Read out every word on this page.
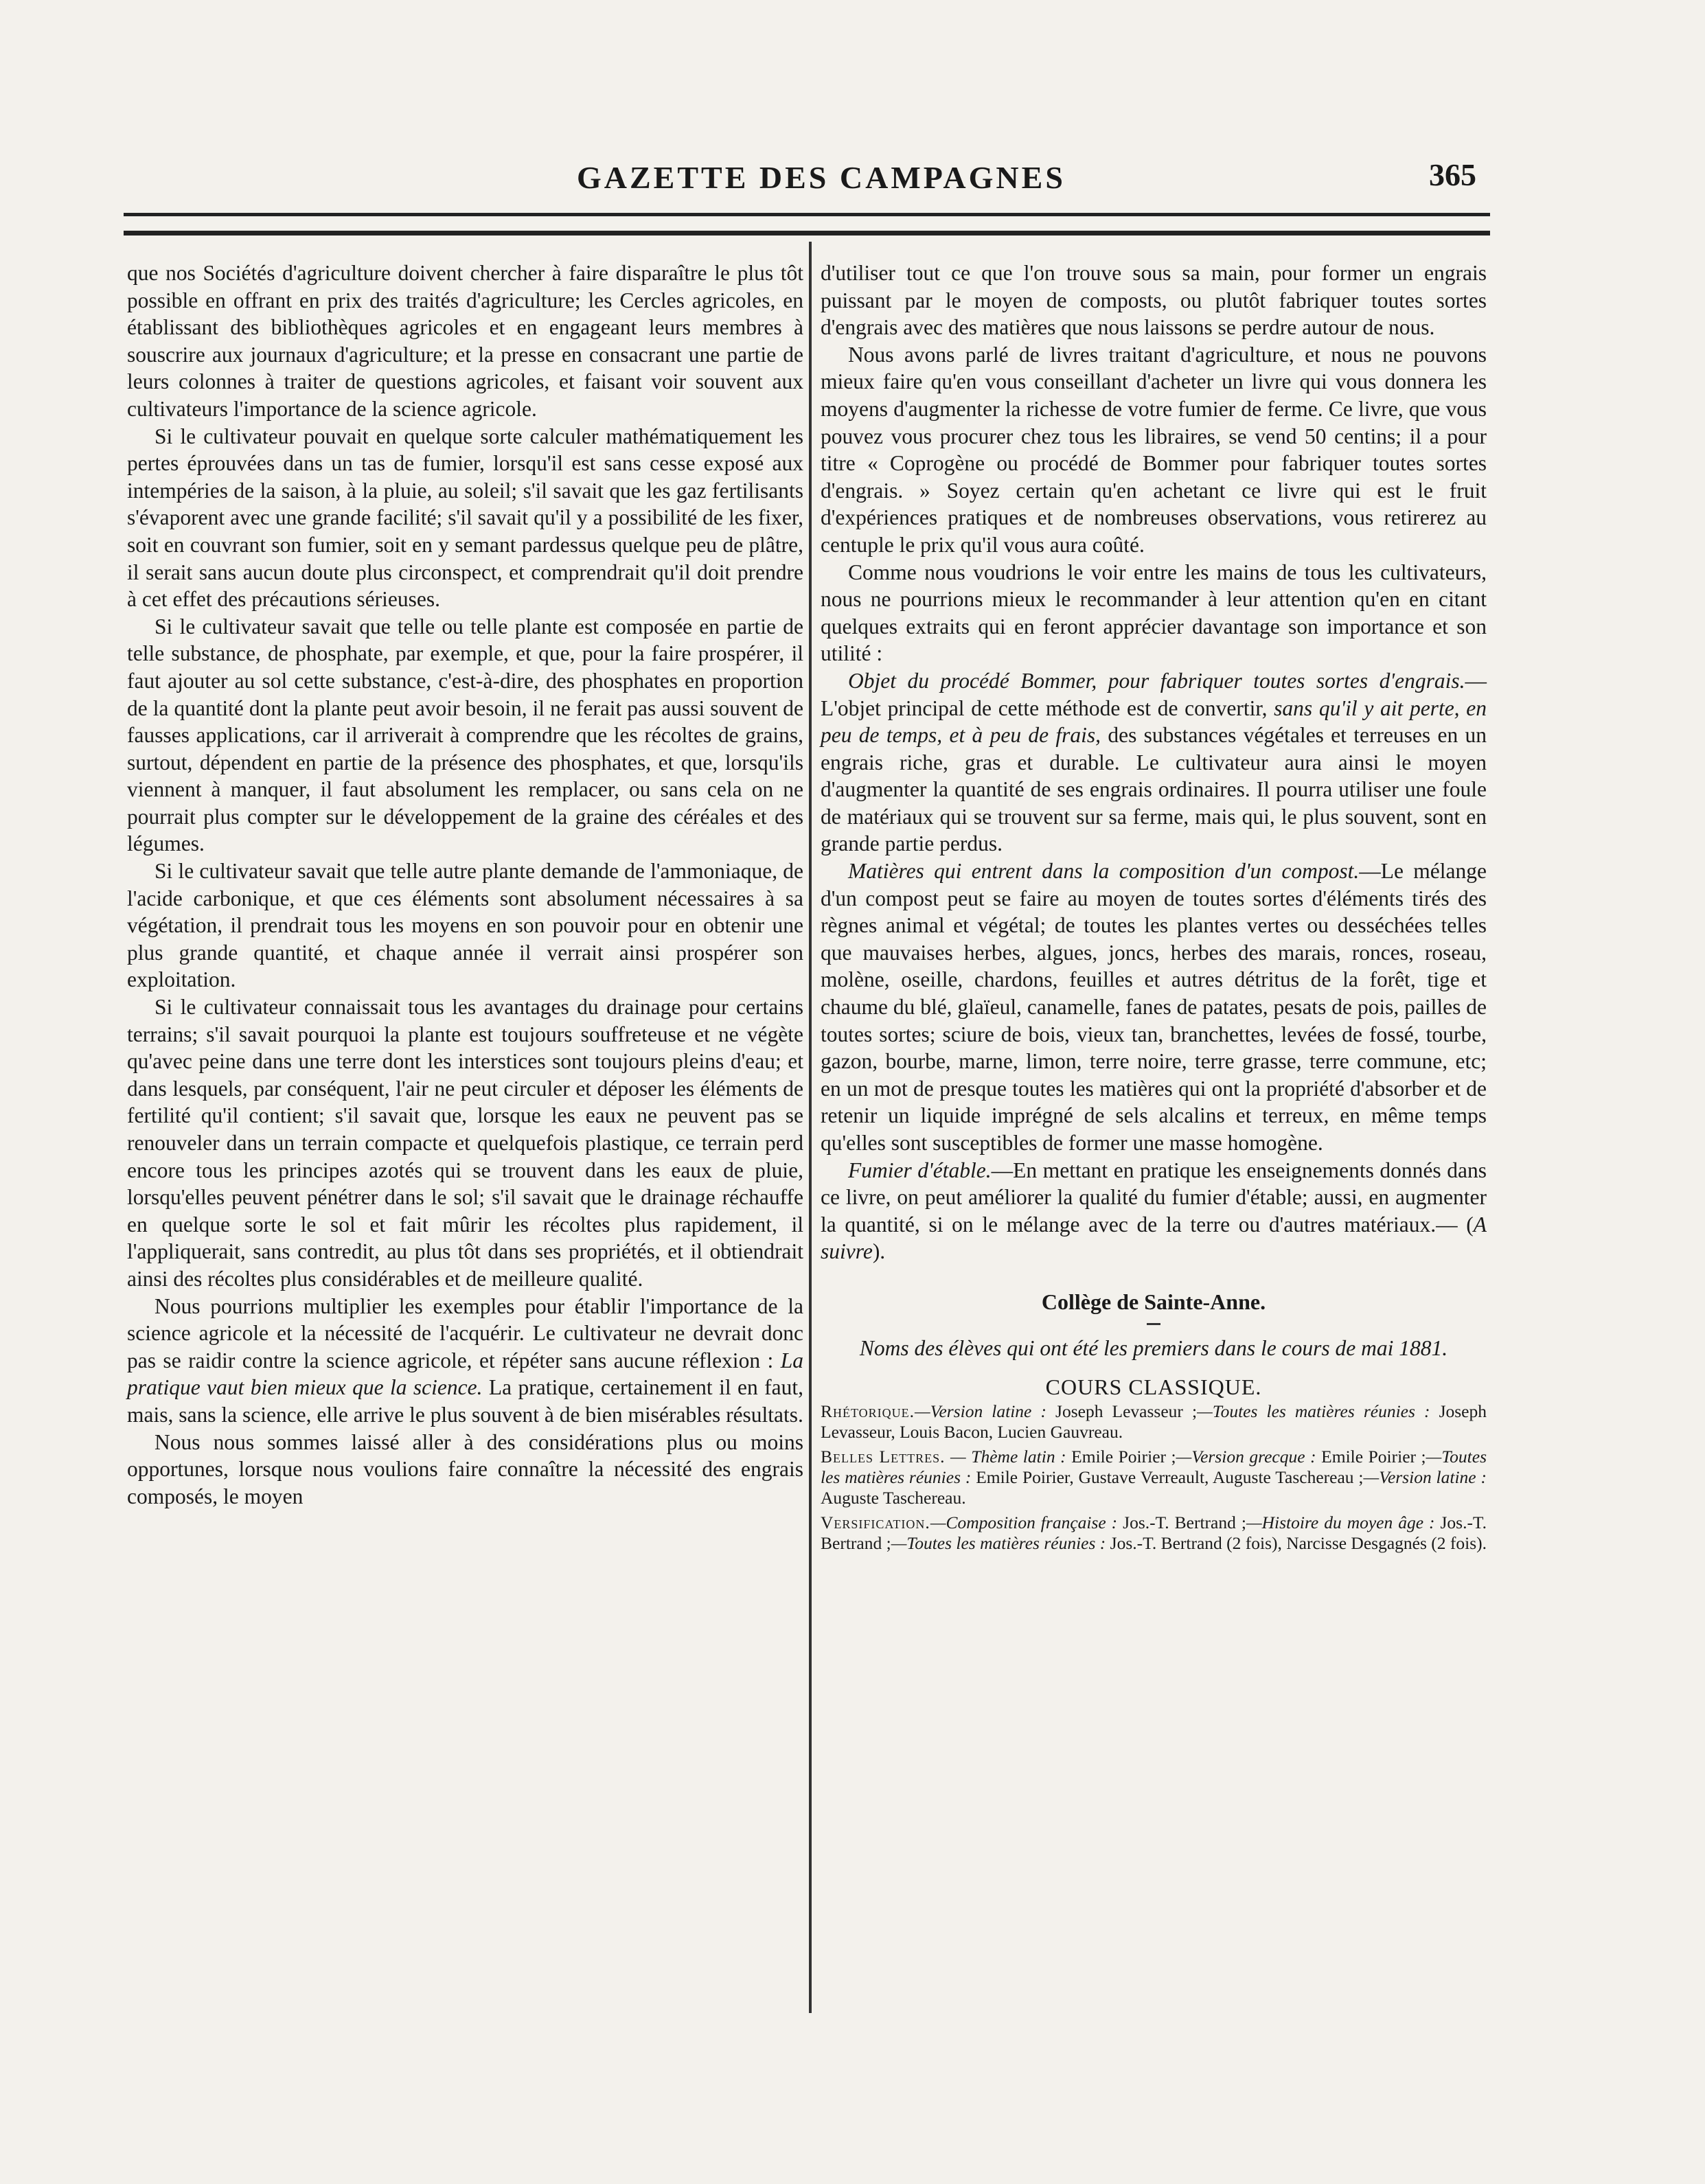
GAZETTE DES CAMPAGNES	365

que nos Sociétés d'agriculture doivent chercher à faire disparaître le plus tôt possible en offrant en prix des traités d'agriculture; les Cercles agricoles, en établissant des bibliothèques agricoles et en engageant leurs membres à souscrire aux journaux d'agriculture; et la presse en consacrant une partie de leurs colonnes à traiter de questions agricoles, et faisant voir souvent aux cultivateurs l'importance de la science agricole.

Si le cultivateur pouvait en quelque sorte calculer mathématiquement les pertes éprouvées dans un tas de fumier, lorsqu'il est sans cesse exposé aux intempéries de la saison, à la pluie, au soleil; s'il savait que les gaz fertilisants s'évaporent avec une grande facilité; s'il savait qu'il y a possibilité de les fixer, soit en couvrant son fumier, soit en y semant pardessus quelque peu de plâtre, il serait sans aucun doute plus circonspect, et comprendrait qu'il doit prendre à cet effet des précautions sérieuses.

Si le cultivateur savait que telle ou telle plante est composée en partie de telle substance, de phosphate, par exemple, et que, pour la faire prospérer, il faut ajouter au sol cette substance, c'est-à-dire, des phosphates en proportion de la quantité dont la plante peut avoir besoin, il ne ferait pas aussi souvent de fausses applications, car il arriverait à comprendre que les récoltes de grains, surtout, dépendent en partie de la présence des phosphates, et que, lorsqu'ils viennent à manquer, il faut absolument les remplacer, ou sans cela on ne pourrait plus compter sur le développement de la graine des céréales et des légumes.

Si le cultivateur savait que telle autre plante demande de l'ammoniaque, de l'acide carbonique, et que ces éléments sont absolument nécessaires à sa végétation, il prendrait tous les moyens en son pouvoir pour en obtenir une plus grande quantité, et chaque année il verrait ainsi prospérer son exploitation.

Si le cultivateur connaissait tous les avantages du drainage pour certains terrains; s'il savait pourquoi la plante est toujours souffreteuse et ne végète qu'avec peine dans une terre dont les interstices sont toujours pleins d'eau; et dans lesquels, par conséquent, l'air ne peut circuler et déposer les éléments de fertilité qu'il contient; s'il savait que, lorsque les eaux ne peuvent pas se renouveler dans un terrain compacte et quelquefois plastique, ce terrain perd encore tous les principes azotés qui se trouvent dans les eaux de pluie, lorsqu'elles peuvent pénétrer dans le sol; s'il savait que le drainage réchauffe en quelque sorte le sol et fait mûrir les récoltes plus rapidement, il l'appliquerait, sans contredit, au plus tôt dans ses propriétés, et il obtiendrait ainsi des récoltes plus considérables et de meilleure qualité.

Nous pourrions multiplier les exemples pour établir l'importance de la science agricole et la nécessité de l'acquérir. Le cultivateur ne devrait donc pas se raidir contre la science agricole, et répéter sans aucune réflexion : La pratique vaut bien mieux que la science. La pratique, certainement il en faut, mais, sans la science, elle arrive le plus souvent à de bien misérables résultats.

Nous nous sommes laissé aller à des considérations plus ou moins opportunes, lorsque nous voulions faire connaître la nécessité des engrais composés, le moyen

d'utiliser tout ce que l'on trouve sous sa main, pour former un engrais puissant par le moyen de composts, ou plutôt fabriquer toutes sortes d'engrais avec des matières que nous laissons se perdre autour de nous.

Nous avons parlé de livres traitant d'agriculture, et nous ne pouvons mieux faire qu'en vous conseillant d'acheter un livre qui vous donnera les moyens d'augmenter la richesse de votre fumier de ferme. Ce livre, que vous pouvez vous procurer chez tous les libraires, se vend 50 centins; il a pour titre « Coprogène ou procédé de Bommer pour fabriquer toutes sortes d'engrais. » Soyez certain qu'en achetant ce livre qui est le fruit d'expériences pratiques et de nombreuses observations, vous retirerez au centuple le prix qu'il vous aura coûté.

Comme nous voudrions le voir entre les mains de tous les cultivateurs, nous ne pourrions mieux le recommander à leur attention qu'en en citant quelques extraits qui en feront apprécier davantage son importance et son utilité :

Objet du procédé Bommer, pour fabriquer toutes sortes d'engrais.—L'objet principal de cette méthode est de convertir, sans qu'il y ait perte, en peu de temps, et à peu de frais, des substances végétales et terreuses en un engrais riche, gras et durable. Le cultivateur aura ainsi le moyen d'augmenter la quantité de ses engrais ordinaires. Il pourra utiliser une foule de matériaux qui se trouvent sur sa ferme, mais qui, le plus souvent, sont en grande partie perdus.

Matières qui entrent dans la composition d'un compost.—Le mélange d'un compost peut se faire au moyen de toutes sortes d'éléments tirés des règnes animal et végétal; de toutes les plantes vertes ou desséchées telles que mauvaises herbes, algues, joncs, herbes des marais, ronces, roseau, molène, oseille, chardons, feuilles et autres détritus de la forêt, tige et chaume du blé, glaïeul, canamelle, fanes de patates, pesats de pois, pailles de toutes sortes; sciure de bois, vieux tan, branchettes, levées de fossé, tourbe, gazon, bourbe, marne, limon, terre noire, terre grasse, terre commune, etc; en un mot de presque toutes les matières qui ont la propriété d'absorber et de retenir un liquide imprégné de sels alcalins et terreux, en même temps qu'elles sont susceptibles de former une masse homogène.

Fumier d'étable.—En mettant en pratique les enseignements donnés dans ce livre, on peut améliorer la qualité du fumier d'étable; aussi, en augmenter la quantité, si on le mélange avec de la terre ou d'autres matériaux.— (A suivre).

Collège de Sainte-Anne.

Noms des élèves qui ont été les premiers dans le cours de mai 1881.

COURS CLASSIQUE.

Rhétorique.—Version latine : Joseph Levasseur ;—Toutes les matières réunies : Joseph Levasseur, Louis Bacon, Lucien Gauvreau.

Belles Lettres. — Thème latin : Emile Poirier ;—Version grecque : Emile Poirier ;—Toutes les matières réunies : Emile Poirier, Gustave Verreault, Auguste Taschereau ;—Version latine : Auguste Taschereau.

Versification.—Composition française : Jos.-T. Bertrand ;—Histoire du moyen âge : Jos.-T. Bertrand ;—Toutes les matières réunies : Jos.-T. Bertrand (2 fois), Narcisse Desgagnés (2 fois).
